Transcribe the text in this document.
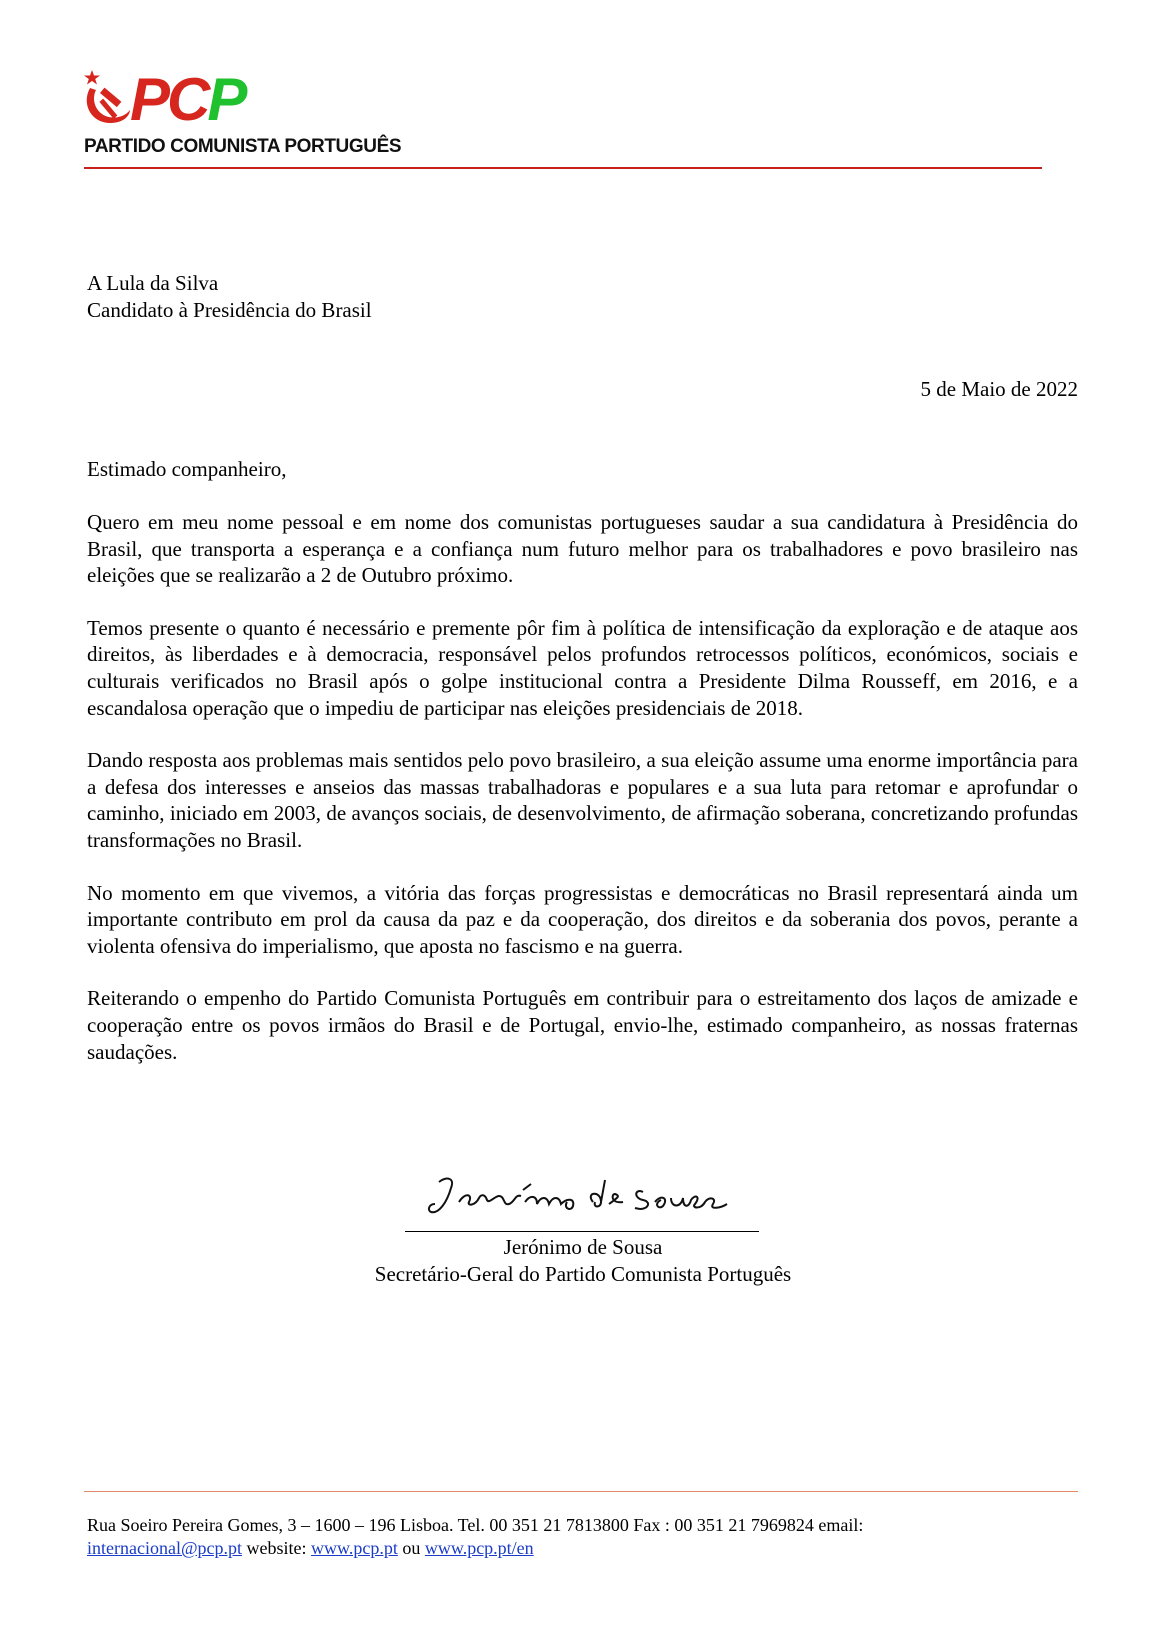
PCP
PARTIDO COMUNISTA PORTUGUÊS
A Lula da Silva
Candidato à Presidência do Brasil
5 de Maio de 2022
Estimado companheiro,

Quero em meu nome pessoal e em nome dos comunistas portugueses saudar a sua candidatura à Presidência do Brasil, que transporta a esperança e a confiança num futuro melhor para os trabalhadores e povo brasileiro nas eleições que se realizarão a 2 de Outubro próximo.

Temos presente o quanto é necessário e premente pôr fim à política de intensificação da exploração e de ataque aos direitos, às liberdades e à democracia, responsável pelos profundos retrocessos políticos, económicos, sociais e culturais verificados no Brasil após o golpe institucional contra a Presidente Dilma Rousseff, em 2016, e a escandalosa operação que o impediu de participar nas eleições presidenciais de 2018.

Dando resposta aos problemas mais sentidos pelo povo brasileiro, a sua eleição assume uma enorme importância para a defesa dos interesses e anseios das massas trabalhadoras e populares e a sua luta para retomar e aprofundar o caminho, iniciado em 2003, de avanços sociais, de desenvolvimento, de afirmação soberana, concretizando profundas transformações no Brasil.

No momento em que vivemos, a vitória das forças progressistas e democráticas no Brasil representará ainda um importante contributo em prol da causa da paz e da cooperação, dos direitos e da soberania dos povos, perante a violenta ofensiva do imperialismo, que aposta no fascismo e na guerra.

Reiterando o empenho do Partido Comunista Português em contribuir para o estreitamento dos laços de amizade e cooperação entre os povos irmãos do Brasil e de Portugal, envio-lhe, estimado companheiro, as nossas fraternas saudações.

Jerónimo de Sousa
Secretário-Geral do Partido Comunista Português
Rua Soeiro Pereira Gomes, 3 – 1600 – 196 Lisboa. Tel. 00 351 21 7813800 Fax : 00 351 21 7969824 email:
internacional@pcp.pt website: www.pcp.pt ou www.pcp.pt/en
